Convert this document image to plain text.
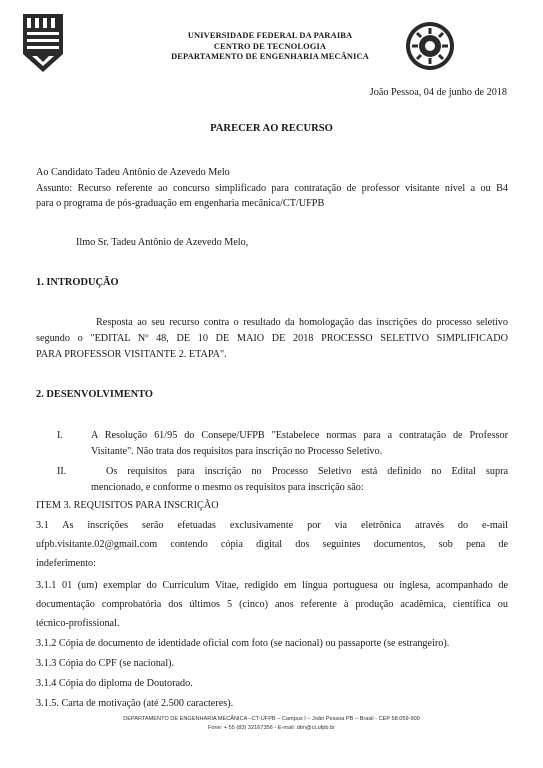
UNIVERSIDADE FEDERAL DA PARAIBA
CENTRO DE TECNOLOGIA
DEPARTAMENTO DE ENGENHARIA MECÂNICA
João Pessoa, 04 de junho de 2018
PARECER AO RECURSO
Ao Candidato Tadeu Antônio de Azevedo Melo
Assunto: Recurso referente ao concurso simplificado para contratação de professor visitante nível a ou B4
para o programa de pós-graduação em engenharia mecânica/CT/UFPB
Ilmo Sr. Tadeu Antônio de Azevedo Melo,
1. INTRODUÇÃO
Resposta ao seu recurso contra o resultado da homologação das inscrições do processo seletivo
segundo o "EDITAL Nº 48, DE 10 DE MAIO DE 2018 PROCESSO SELETIVO SIMPLIFICADO
PARA PROFESSOR VISITANTE 2. ETAPA".
2. DESENVOLVIMENTO
I.	A Resolução 61/95 do Consepe/UFPB "Estabelece normas para a contratação de Professor
Visitante". Não trata dos requisitos para inscrição no Processo Seletivo.
II.	Os requisitos para inscrição no Processo Seletivo está definido no Edital supra
mencionado, e conforme o mesmo os requisitos para inscrição são:
ITEM 3. REQUISITOS PARA INSCRIÇÃO
3.1 As inscrições serão efetuadas exclusivamente por via eletrônica através do e-mail
ufpb.visitante.02@gmail.com contendo cópia digital dos seguintes documentos, sob pena de
indeferimento:
3.1.1 01 (um) exemplar do Curriculum Vitae, redigido em língua portuguesa ou inglesa, acompanhado de
documentação comprobatória dos últimos 5 (cinco) anos referente à produção acadêmica, científica ou
técnico-profissional.
3.1.2 Cópia de documento de identidade oficial com foto (se nacional) ou passaporte (se estrangeiro).
3.1.3 Cópia do CPF (se nacional).
3.1.4 Cópia do diploma de Doutorado.
3.1.5. Carta de motivação (até 2.500 caracteres).
DEPARTAMENTO DE ENGENHARIA MECÂNICA –CT-UFPB – Campus I – João Pessoa PB – Brasil - CEP 58.059-900
Fone: + 55 (83) 32167356 - E-mail: dtm@ct.ufpb.br
